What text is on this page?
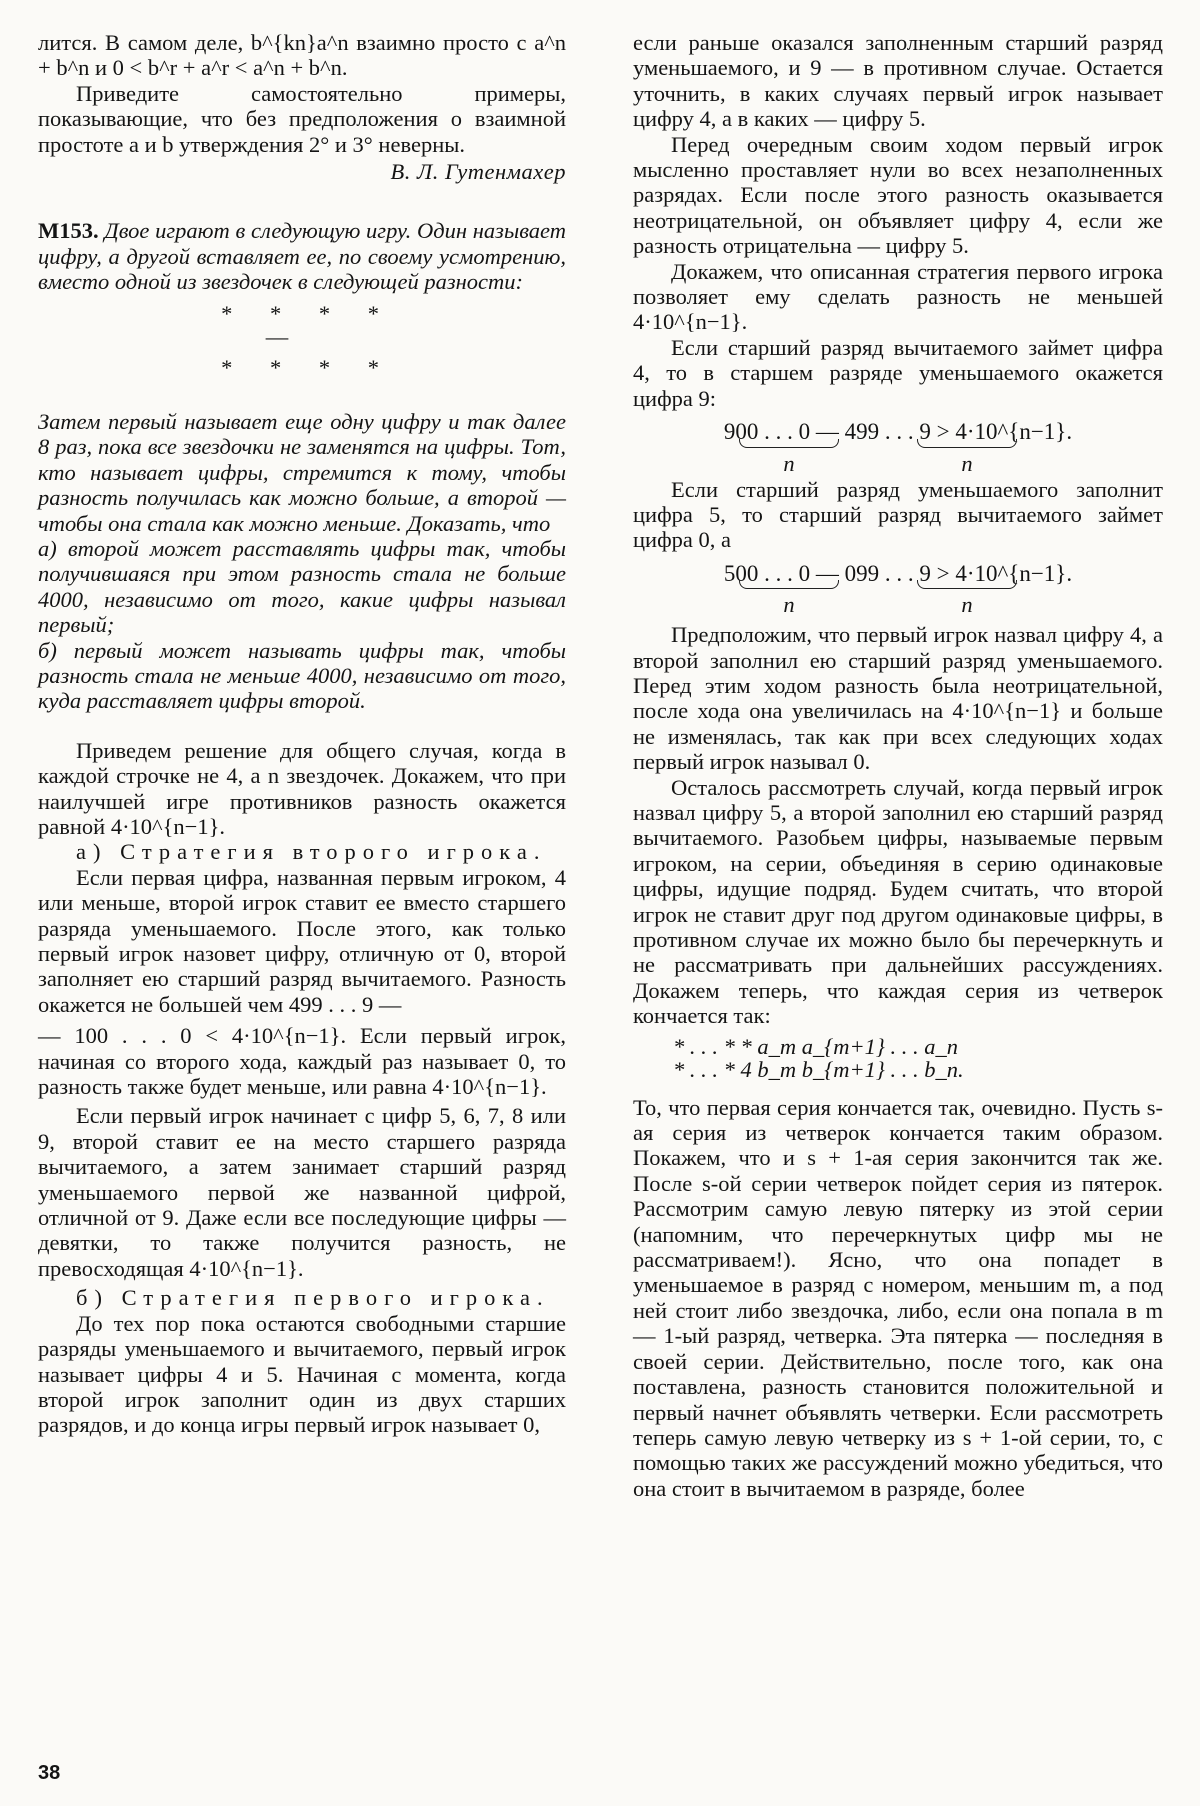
лится. В самом деле, b^{kn}a^n взаимно просто с a^n + b^n и 0 < b^r + a^r < a^n + b^n.

Приведите самостоятельно примеры, показывающие, что без предположения о взаимной простоте a и b утверждения 2° и 3° неверны.

В. Л. Гутенмахер

М153. Двое играют в следующую игру. Один называет цифру, а другой вставляет ее, по своему усмотрению, вместо одной из звездочек в следующей разности:

* * * *
—
* * * *

Затем первый называет еще одну цифру и так далее 8 раз, пока все звездочки не заменятся на цифры. Тот, кто называет цифры, стремится к тому, чтобы разность получилась как можно больше, а второй — чтобы она стала как можно меньше. Доказать, что

а) второй может расставлять цифры так, чтобы получившаяся при этом разность стала не больше 4000, независимо от того, какие цифры называл первый;

б) первый может называть цифры так, чтобы разность стала не меньше 4000, независимо от того, куда расставляет цифры второй.

Приведем решение для общего случая, когда в каждой строчке не 4, а n звездочек. Докажем, что при наилучшей игре противников разность окажется равной 4·10^{n−1}.

а) Стратегия второго игрока.

Если первая цифра, названная первым игроком, 4 или меньше, второй игрок ставит ее вместо старшего разряда уменьшаемого. После этого, как только первый игрок назовет цифру, отличную от 0, второй заполняет ею старший разряд вычитаемого. Разность окажется не большей чем 499 . . . 9 —

— 100 . . . 0 < 4·10^{n−1}. Если первый игрок, начиная со второго хода, каждый раз называет 0, то разность также будет меньше, или равна 4·10^{n−1}.

Если первый игрок начинает с цифр 5, 6, 7, 8 или 9, второй ставит ее на место старшего разряда вычитаемого, а затем занимает старший разряд уменьшаемого первой же названной цифрой, отличной от 9. Даже если все последующие цифры — девятки, то также получится разность, не превосходящая 4·10^{n−1}.

б) Стратегия первого игрока.

До тех пор пока остаются свободными старшие разряды уменьшаемого и вычитаемого, первый игрок называет цифры 4 и 5. Начиная с момента, когда второй игрок заполнит один из двух старших разрядов, и до конца игры первый игрок называет 0,

если раньше оказался заполненным старший разряд уменьшаемого, и 9 — в противном случае. Остается уточнить, в каких случаях первый игрок называет цифру 4, а в каких — цифру 5.

Перед очередным своим ходом первый игрок мысленно проставляет нули во всех незаполненных разрядах. Если после этого разность оказывается неотрицательной, он объявляет цифру 4, если же разность отрицательна — цифру 5.

Докажем, что описанная стратегия первого игрока позволяет ему сделать разность не меньшей 4·10^{n−1}.

Если старший разряд вычитаемого займет цифра 4, то в старшем разряде уменьшаемого окажется цифра 9:

900 . . . 0 — 499 . . . 9 > 4·10^{n−1}.
n	n

Если старший разряд уменьшаемого заполнит цифра 5, то старший разряд вычитаемого займет цифра 0, а

500 . . . 0 — 099 . . . 9 > 4·10^{n−1}.
n	n

Предположим, что первый игрок назвал цифру 4, а второй заполнил ею старший разряд уменьшаемого. Перед этим ходом разность была неотрицательной, после хода она увеличилась на 4·10^{n−1} и больше не изменялась, так как при всех следующих ходах первый игрок называл 0.

Осталось рассмотреть случай, когда первый игрок назвал цифру 5, а второй заполнил ею старший разряд вычитаемого. Разобьем цифры, называемые первым игроком, на серии, объединяя в серию одинаковые цифры, идущие подряд. Будем считать, что второй игрок не ставит друг под другом одинаковые цифры, в противном случае их можно было бы перечеркнуть и не рассматривать при дальнейших рассуждениях. Докажем теперь, что каждая серия из четверок кончается так:

* . . . * * a_m a_{m+1} . . . a_n
* . . . * 4 b_m b_{m+1} . . . b_n.

То, что первая серия кончается так, очевидно. Пусть s-ая серия из четверок кончается таким образом. Покажем, что и s + 1-ая серия закончится так же. После s-ой серии четверок пойдет серия из пятерок. Рассмотрим самую левую пятерку из этой серии (напомним, что перечеркнутых цифр мы не рассматриваем!). Ясно, что она попадет в уменьшаемое в разряд с номером, меньшим m, а под ней стоит либо звездочка, либо, если она попала в m — 1-ый разряд, четверка. Эта пятерка — последняя в своей серии. Действительно, после того, как она поставлена, разность становится положительной и первый начнет объявлять четверки. Если рассмотреть теперь самую левую четверку из s + 1-ой серии, то, с помощью таких же рассуждений можно убедиться, что она стоит в вычитаемом в разряде, более

38
